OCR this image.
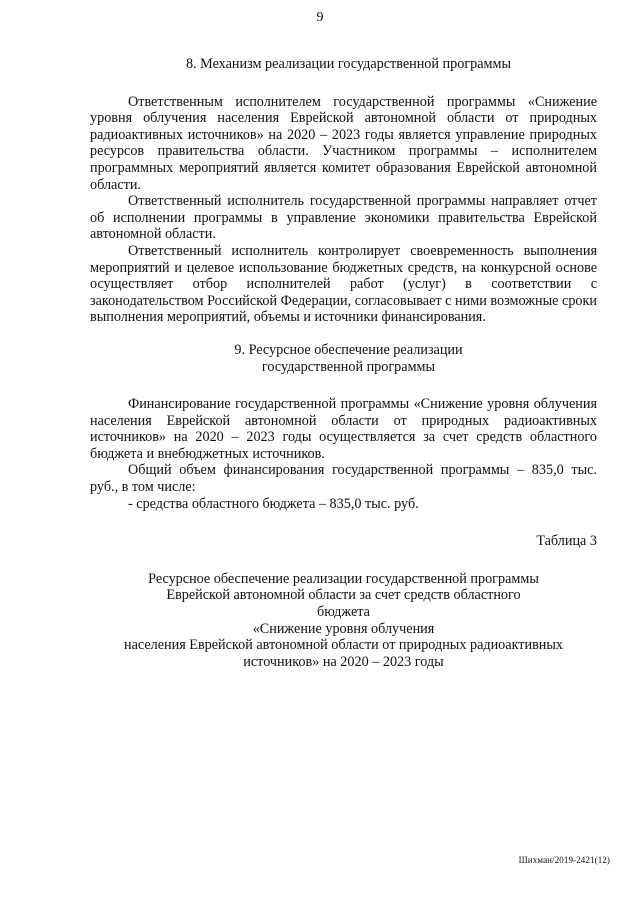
9

8. Механизм реализации государственной программы

Ответственным исполнителем государственной программы «Снижение уровня облучения населения Еврейской автономной области от природных радиоактивных источников» на 2020 – 2023 годы является управление природных ресурсов правительства области. Участником программы – исполнителем программных мероприятий является комитет образования Еврейской автономной области.

Ответственный исполнитель государственной программы направляет отчет об исполнении программы в управление экономики правительства Еврейской автономной области.

Ответственный исполнитель контролирует своевременность выполнения мероприятий и целевое использование бюджетных средств, на конкурсной основе осуществляет отбор исполнителей работ (услуг) в соответствии с законодательством Российской Федерации, согласовывает с ними возможные сроки выполнения мероприятий, объемы и источники финансирования.

9. Ресурсное обеспечение реализации

государственной программы

Финансирование государственной программы «Снижение уровня облучения населения Еврейской автономной области от природных радиоактивных источников» на 2020 – 2023 годы осуществляется за счет средств областного бюджета и внебюджетных источников.

Общий объем финансирования государственной программы – 835,0 тыс. руб., в том числе:

- средства областного бюджета – 835,0 тыс. руб.

Таблица 3

Ресурсное обеспечение реализации государственной программы

Еврейской автономной области за счет средств областного

бюджета

«Снижение уровня облучения

населения Еврейской автономной области от природных радиоактивных

источников» на 2020 – 2023 годы

Шихман/2019-2421(12)
